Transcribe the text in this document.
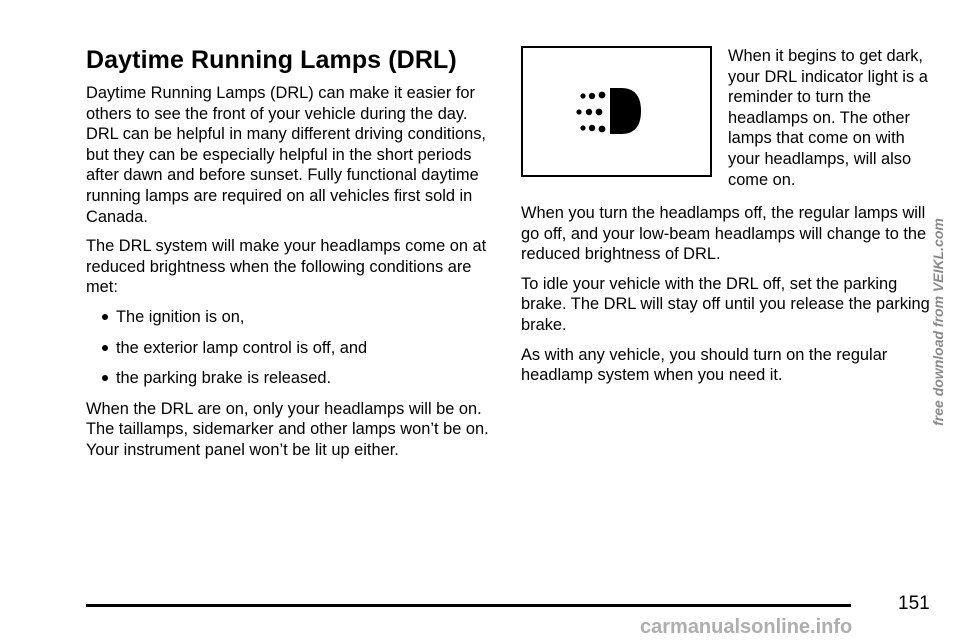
Daytime Running Lamps (DRL)

Daytime Running Lamps (DRL) can make it easier for others to see the front of your vehicle during the day. DRL can be helpful in many different driving conditions, but they can be especially helpful in the short periods after dawn and before sunset. Fully functional daytime running lamps are required on all vehicles first sold in Canada.

The DRL system will make your headlamps come on at reduced brightness when the following conditions are met:

The ignition is on,
the exterior lamp control is off, and
the parking brake is released.

When the DRL are on, only your headlamps will be on. The taillamps, sidemarker and other lamps won’t be on. Your instrument panel won’t be lit up either.

When it begins to get dark, your DRL indicator light is a reminder to turn the headlamps on. The other lamps that come on with your headlamps, will also come on.

When you turn the headlamps off, the regular lamps will go off, and your low-beam headlamps will change to the reduced brightness of DRL.

To idle your vehicle with the DRL off, set the parking brake. The DRL will stay off until you release the parking brake.

As with any vehicle, you should turn on the regular headlamp system when you need it.

151
free download from VEIKL.com
carmanualsonline.info
